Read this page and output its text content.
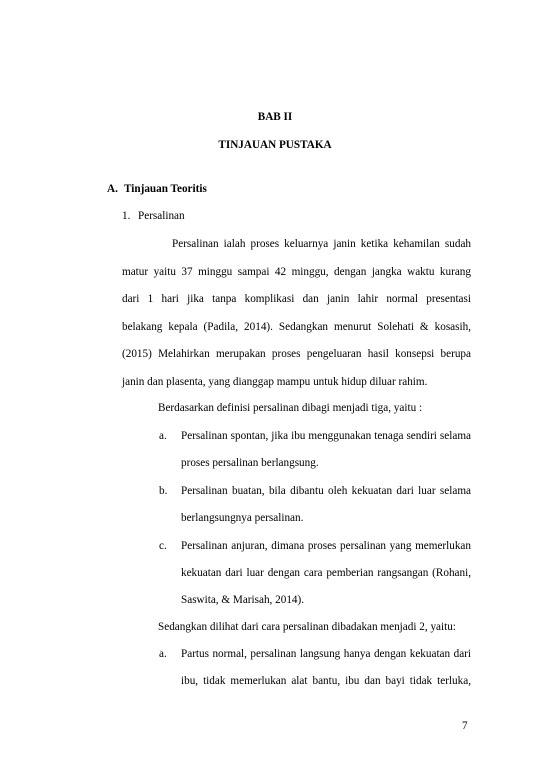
BAB II
TINJAUAN PUSTAKA
A. Tinjauan Teoritis
1. Persalinan
Persalinan ialah proses keluarnya janin ketika kehamilan sudah
matur yaitu 37 minggu sampai 42 minggu, dengan jangka waktu kurang
dari 1 hari jika tanpa komplikasi dan janin lahir normal presentasi
belakang kepala (Padila, 2014). Sedangkan menurut Solehati & kosasih,
(2015) Melahirkan merupakan proses pengeluaran hasil konsepsi berupa
janin dan plasenta, yang dianggap mampu untuk hidup diluar rahim.
Berdasarkan definisi persalinan dibagi menjadi tiga, yaitu :
a. Persalinan spontan, jika ibu menggunakan tenaga sendiri selama
proses persalinan berlangsung.
b. Persalinan buatan, bila dibantu oleh kekuatan dari luar selama
berlangsungnya persalinan.
c. Persalinan anjuran, dimana proses persalinan yang memerlukan
kekuatan dari luar dengan cara pemberian rangsangan (Rohani,
Saswita, & Marisah, 2014).
Sedangkan dilihat dari cara persalinan dibadakan menjadi 2, yaitu:
a. Partus normal, persalinan langsung hanya dengan kekuatan dari
ibu, tidak memerlukan alat bantu, ibu dan bayi tidak terluka,
7
